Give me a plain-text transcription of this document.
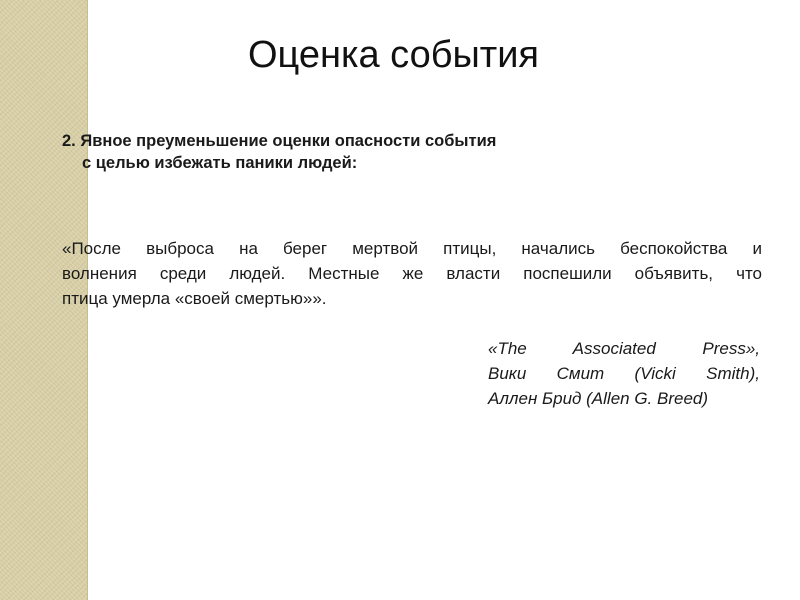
Оценка события
2. Явное преуменьшение оценки опасности события
с целью избежать паники людей:
«После выброса на берег мертвой птицы, начались беспокойства и
волнения среди людей. Местные же власти поспешили объявить, что
птица умерла «своей смертью»».
«The Associated Press»,
Вики Смит (Vicki Smith),
Аллен Брид (Allen G. Breed)
